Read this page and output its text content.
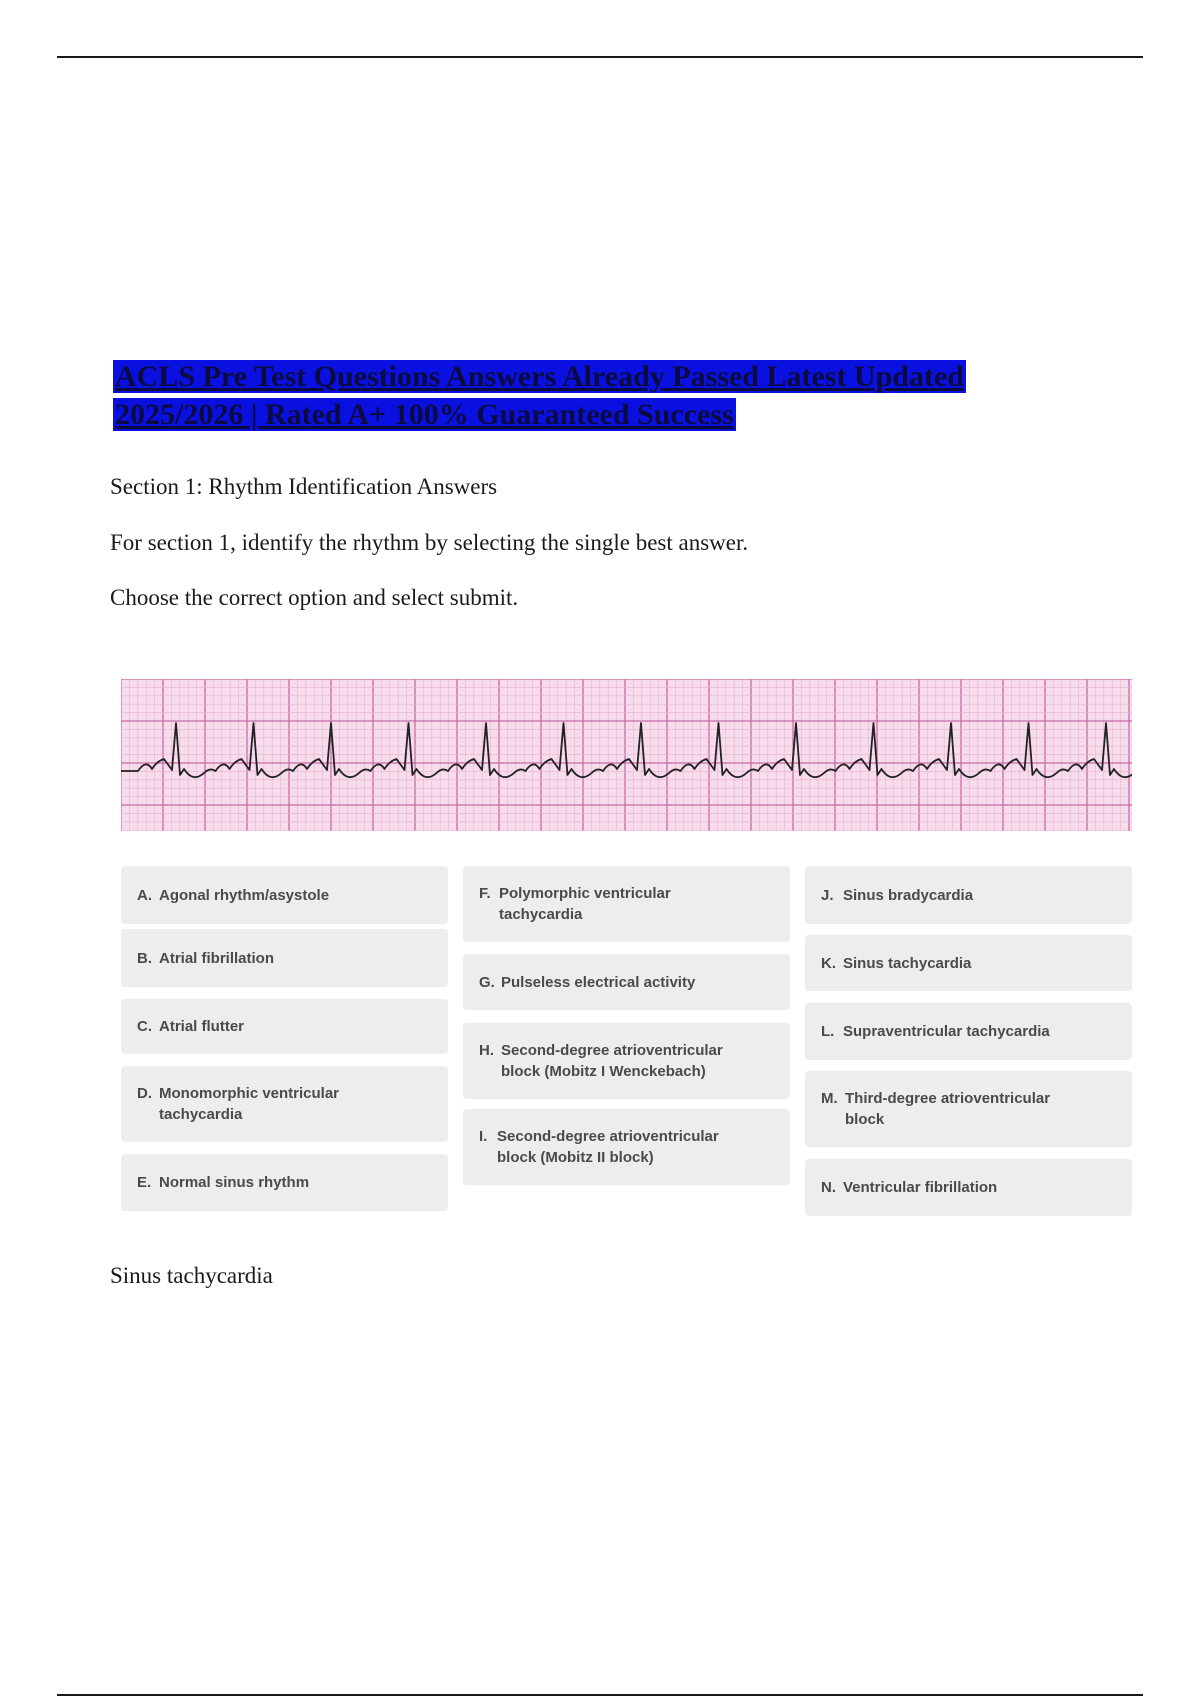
ACLS Pre Test Questions Answers Already Passed Latest Updated 2025/2026 | Rated A+ 100% Guaranteed Success
Section 1: Rhythm Identification Answers
For section 1, identify the rhythm by selecting the single best answer.
Choose the correct option and select submit.
A. Agonal rhythm/asystole
B. Atrial fibrillation
C. Atrial flutter
D. Monomorphic ventricular tachycardia
E. Normal sinus rhythm
F. Polymorphic ventricular tachycardia
G. Pulseless electrical activity
H. Second-degree atrioventricular block (Mobitz I Wenckebach)
I. Second-degree atrioventricular block (Mobitz II block)
J. Sinus bradycardia
K. Sinus tachycardia
L. Supraventricular tachycardia
M. Third-degree atrioventricular block
N. Ventricular fibrillation
Sinus tachycardia
